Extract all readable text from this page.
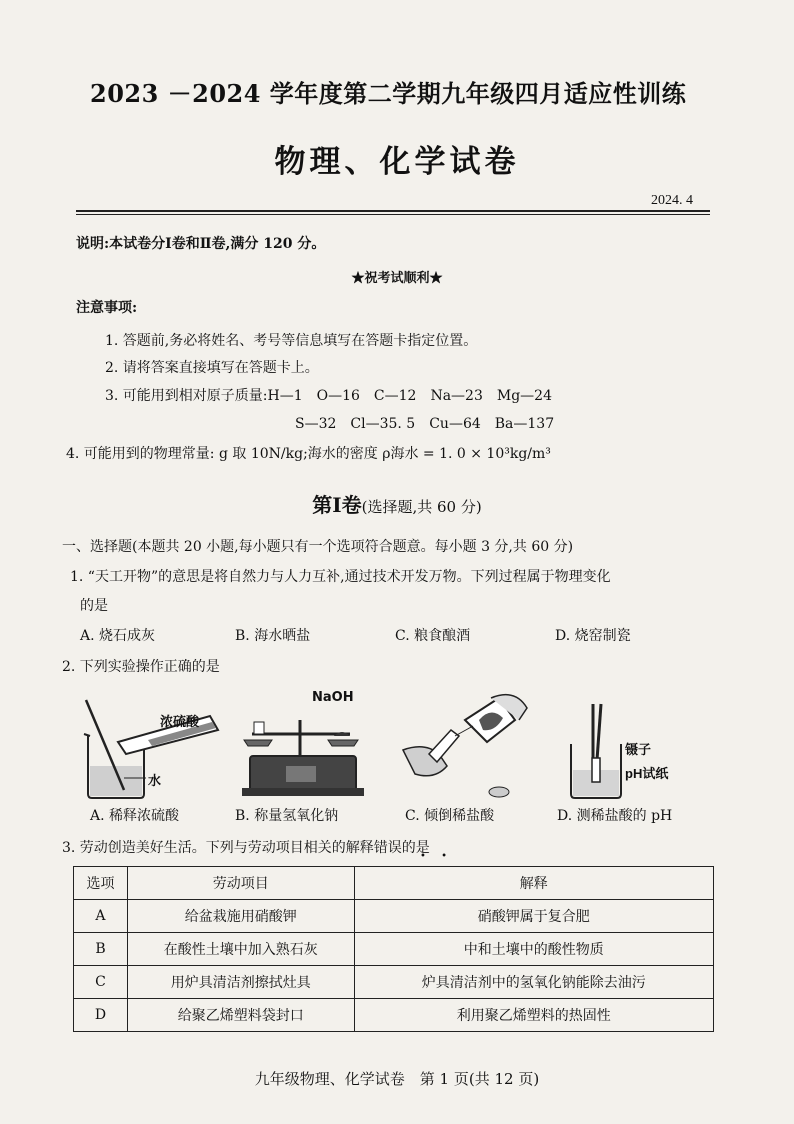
2023 －2024 学年度第二学期九年级四月适应性训练
物理、化学试卷
2024. 4
说明:本试卷分Ⅰ卷和Ⅱ卷,满分 120 分。
★祝考试顺利★
注意事项:
1. 答题前,务必将姓名、考号等信息填写在答题卡指定位置。
2. 请将答案直接填写在答题卡上。
3. 可能用到相对原子质量:H—1　O—16　C—12　Na—23　Mg—24
S—32　Cl—35. 5　Cu—64　Ba—137
4. 可能用到的物理常量: g 取 10N/kg;海水的密度 ρ海水 = 1. 0 × 10³kg/m³
第Ⅰ卷(选择题,共 60 分)
一、选择题(本题共 20 小题,每小题只有一个选项符合题意。每小题 3 分,共 60 分)
1. “天工开物”的意思是将自然力与人力互补,通过技术开发万物。下列过程属于物理变化
的是
A. 烧石成灰	B. 海水晒盐	C. 粮食酿酒	D. 烧窑制瓷
2. 下列实验操作正确的是
浓硫酸
水
NaOH
镊子
pH试纸
A. 稀释浓硫酸	B. 称量氢氧化钠	C. 倾倒稀盐酸	D. 测稀盐酸的 pH
3. 劳动创造美好生活。下列与劳动项目相关的解释错误的是
• •
选项	劳动项目	解释
A	给盆栽施用硝酸钾	硝酸钾属于复合肥
B	在酸性土壤中加入熟石灰	中和土壤中的酸性物质
C	用炉具清洁剂擦拭灶具	炉具清洁剂中的氢氧化钠能除去油污
D	给聚乙烯塑料袋封口	利用聚乙烯塑料的热固性
九年级物理、化学试卷　第 1 页(共 12 页)
